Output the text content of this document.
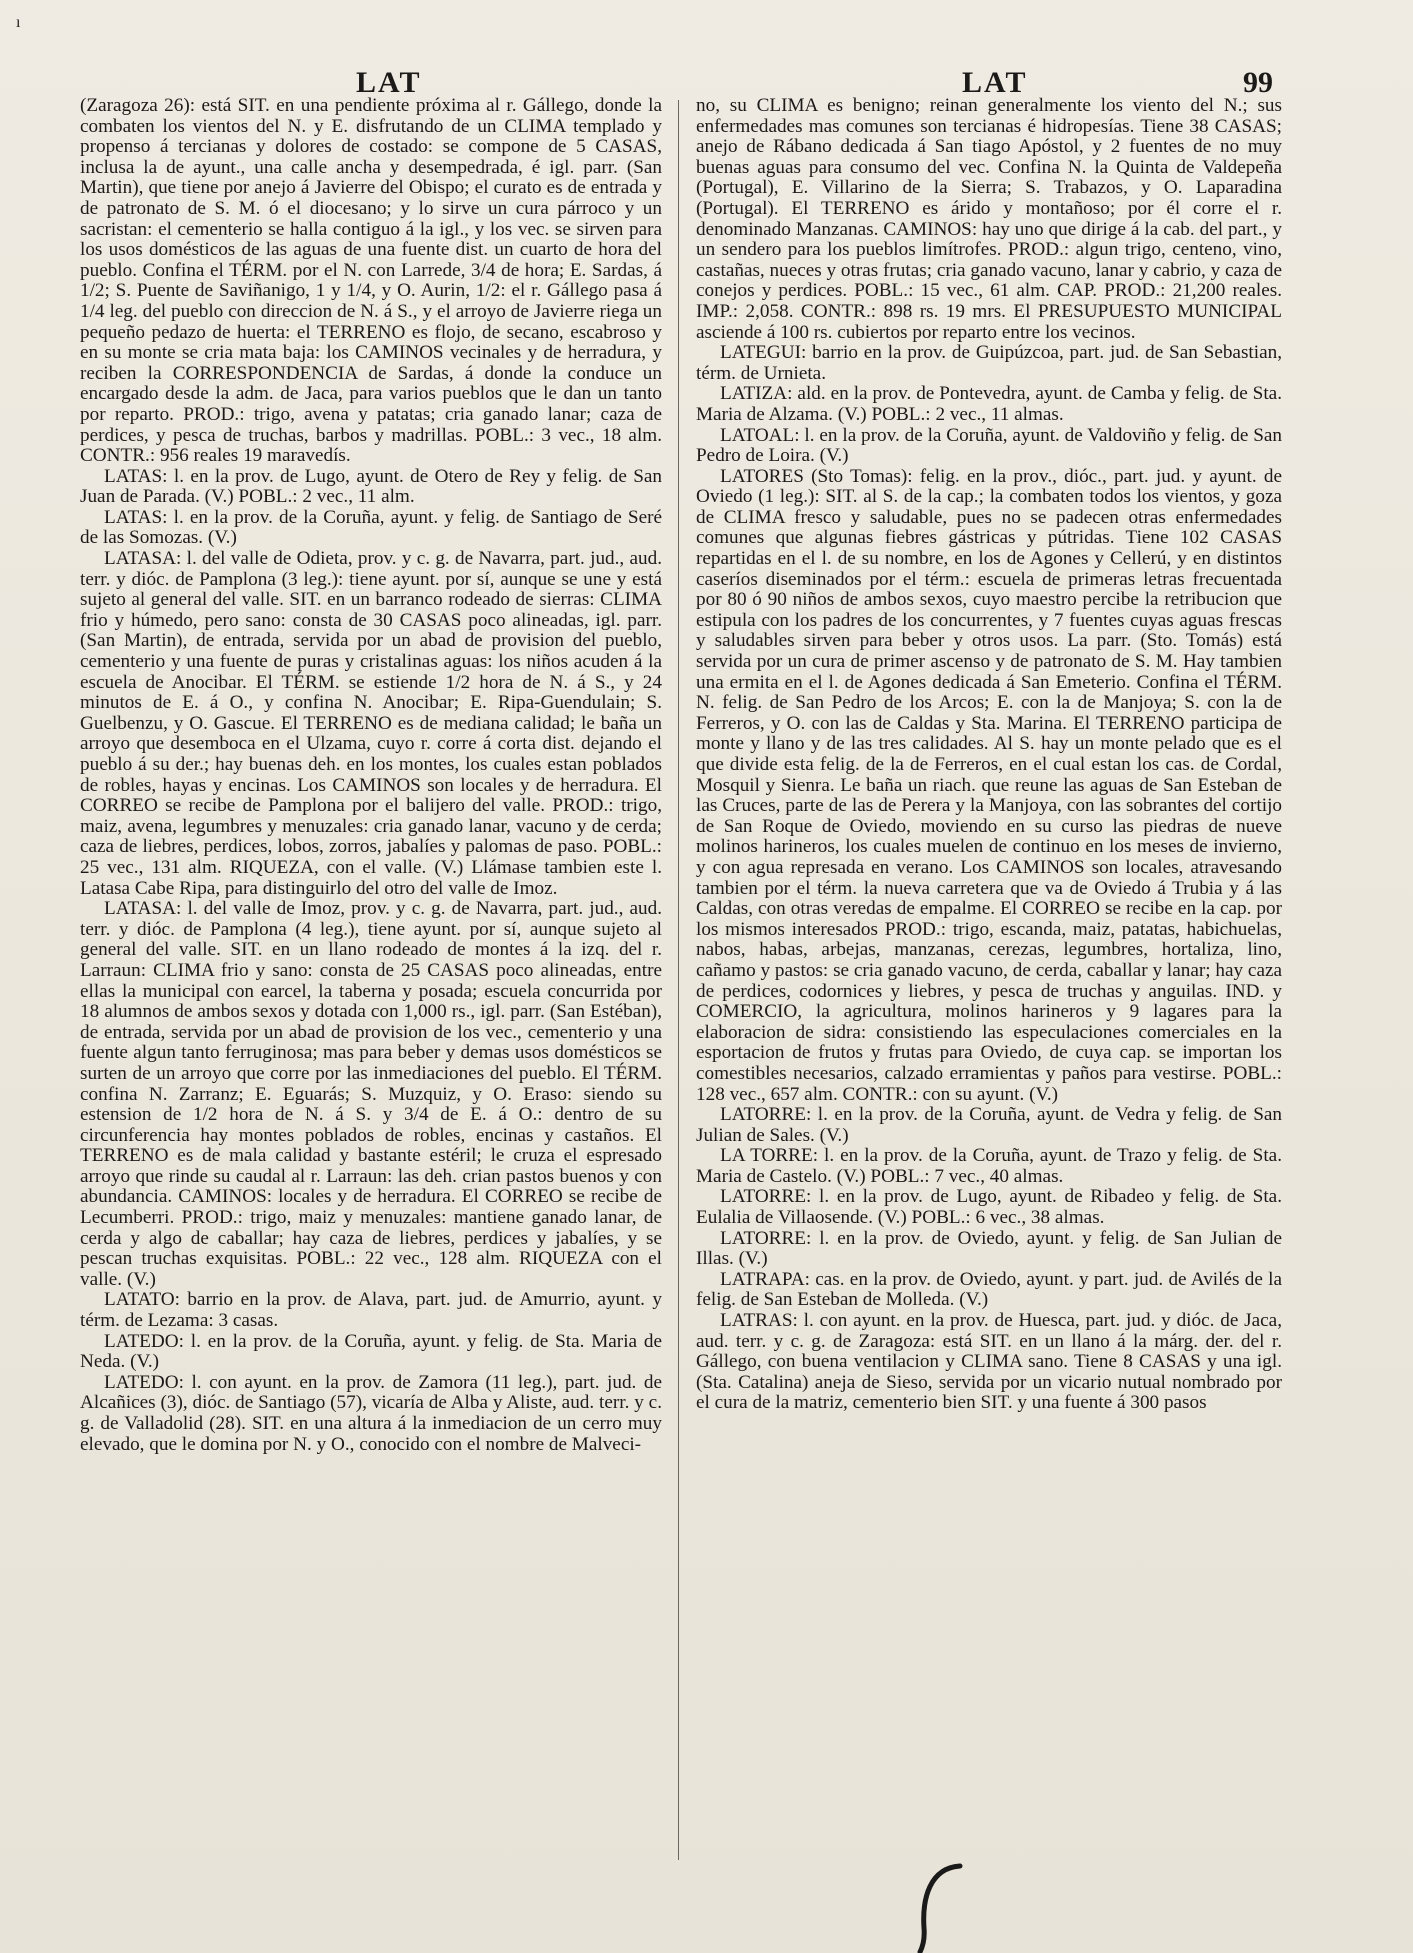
ı
LAT	LAT	99

(Zaragoza 26): está SIT. en una pendiente próxima al r. Gállego, donde la combaten los vientos del N. y E. disfrutando de un CLIMA templado y propenso á tercianas y dolores de costado: se compone de 5 CASAS, inclusa la de ayunt., una calle ancha y desempedrada, é igl. parr. (San Martin), que tiene por anejo á Javierre del Obispo; el curato es de entrada y de patronato de S. M. ó el diocesano; y lo sirve un cura párroco y un sacristan: el cementerio se halla contiguo á la igl., y los vec. se sirven para los usos domésticos de las aguas de una fuente dist. un cuarto de hora del pueblo. Confina el TÉRM. por el N. con Larrede, 3/4 de hora; E. Sardas, á 1/2; S. Puente de Saviñanigo, 1 y 1/4, y O. Aurin, 1/2: el r. Gállego pasa á 1/4 leg. del pueblo con direccion de N. á S., y el arroyo de Javierre riega un pequeño pedazo de huerta: el TERRENO es flojo, de secano, escabroso y en su monte se cria mata baja: los CAMINOS vecinales y de herradura, y reciben la CORRESPONDENCIA de Sardas, á donde la conduce un encargado desde la adm. de Jaca, para varios pueblos que le dan un tanto por reparto. PROD.: trigo, avena y patatas; cria ganado lanar; caza de perdices, y pesca de truchas, barbos y madrillas. POBL.: 3 vec., 18 alm. CONTR.: 956 reales 19 maravedís.

LATAS: l. en la prov. de Lugo, ayunt. de Otero de Rey y felig. de San Juan de Parada. (V.) POBL.: 2 vec., 11 alm.

LATAS: l. en la prov. de la Coruña, ayunt. y felig. de Santiago de Seré de las Somozas. (V.)

LATASA: l. del valle de Odieta, prov. y c. g. de Navarra, part. jud., aud. terr. y dióc. de Pamplona (3 leg.): tiene ayunt. por sí, aunque se une y está sujeto al general del valle. SIT. en un barranco rodeado de sierras: CLIMA frio y húmedo, pero sano: consta de 30 CASAS poco alineadas, igl. parr. (San Martin), de entrada, servida por un abad de provision del pueblo, cementerio y una fuente de puras y cristalinas aguas: los niños acuden á la escuela de Anocibar. El TÉRM. se estiende 1/2 hora de N. á S., y 24 minutos de E. á O., y confina N. Anocibar; E. Ripa-Guendulain; S. Guelbenzu, y O. Gascue. El TERRENO es de mediana calidad; le baña un arroyo que desemboca en el Ulzama, cuyo r. corre á corta dist. dejando el pueblo á su der.; hay buenas deh. en los montes, los cuales estan poblados de robles, hayas y encinas. Los CAMINOS son locales y de herradura. El CORREO se recibe de Pamplona por el balijero del valle. PROD.: trigo, maiz, avena, legumbres y menuzales: cria ganado lanar, vacuno y de cerda; caza de liebres, perdices, lobos, zorros, jabalíes y palomas de paso. POBL.: 25 vec., 131 alm. RIQUEZA, con el valle. (V.) Llámase tambien este l. Latasa Cabe Ripa, para distinguirlo del otro del valle de Imoz.

LATASA: l. del valle de Imoz, prov. y c. g. de Navarra, part. jud., aud. terr. y dióc. de Pamplona (4 leg.), tiene ayunt. por sí, aunque sujeto al general del valle. SIT. en un llano rodeado de montes á la izq. del r. Larraun: CLIMA frio y sano: consta de 25 CASAS poco alineadas, entre ellas la municipal con earcel, la taberna y posada; escuela concurrida por 18 alumnos de ambos sexos y dotada con 1,000 rs., igl. parr. (San Estéban), de entrada, servida por un abad de provision de los vec., cementerio y una fuente algun tanto ferruginosa; mas para beber y demas usos domésticos se surten de un arroyo que corre por las inmediaciones del pueblo. El TÉRM. confina N. Zarranz; E. Eguarás; S. Muzquiz, y O. Eraso: siendo su estension de 1/2 hora de N. á S. y 3/4 de E. á O.: dentro de su circunferencia hay montes poblados de robles, encinas y castaños. El TERRENO es de mala calidad y bastante estéril; le cruza el espresado arroyo que rinde su caudal al r. Larraun: las deh. crian pastos buenos y con abundancia. CAMINOS: locales y de herradura. El CORREO se recibe de Lecumberri. PROD.: trigo, maiz y menuzales: mantiene ganado lanar, de cerda y algo de caballar; hay caza de liebres, perdices y jabalíes, y se pescan truchas exquisitas. POBL.: 22 vec., 128 alm. RIQUEZA con el valle. (V.)

LATATO: barrio en la prov. de Alava, part. jud. de Amurrio, ayunt. y térm. de Lezama: 3 casas.

LATEDO: l. en la prov. de la Coruña, ayunt. y felig. de Sta. Maria de Neda. (V.)

LATEDO: l. con ayunt. en la prov. de Zamora (11 leg.), part. jud. de Alcañices (3), dióc. de Santiago (57), vicaría de Alba y Aliste, aud. terr. y c. g. de Valladolid (28). SIT. en una altura á la inmediacion de un cerro muy elevado, que le domina por N. y O., conocido con el nombre de Malveci-

no, su CLIMA es benigno; reinan generalmente los viento del N.; sus enfermedades mas comunes son tercianas é hidropesías. Tiene 38 CASAS; anejo de Rábano dedicada á San tiago Apóstol, y 2 fuentes de no muy buenas aguas para consumo del vec. Confina N. la Quinta de Valdepeña (Portugal), E. Villarino de la Sierra; S. Trabazos, y O. Laparadina (Portugal). El TERRENO es árido y montañoso; por él corre el r. denominado Manzanas. CAMINOS: hay uno que dirige á la cab. del part., y un sendero para los pueblos limítrofes. PROD.: algun trigo, centeno, vino, castañas, nueces y otras frutas; cria ganado vacuno, lanar y cabrio, y caza de conejos y perdices. POBL.: 15 vec., 61 alm. CAP. PROD.: 21,200 reales. IMP.: 2,058. CONTR.: 898 rs. 19 mrs. El PRESUPUESTO MUNICIPAL asciende á 100 rs. cubiertos por reparto entre los vecinos.

LATEGUI: barrio en la prov. de Guipúzcoa, part. jud. de San Sebastian, térm. de Urnieta.

LATIZA: ald. en la prov. de Pontevedra, ayunt. de Camba y felig. de Sta. Maria de Alzama. (V.) POBL.: 2 vec., 11 almas.

LATOAL: l. en la prov. de la Coruña, ayunt. de Valdoviño y felig. de San Pedro de Loira. (V.)

LATORES (Sto Tomas): felig. en la prov., dióc., part. jud. y ayunt. de Oviedo (1 leg.): SIT. al S. de la cap.; la combaten todos los vientos, y goza de CLIMA fresco y saludable, pues no se padecen otras enfermedades comunes que algunas fiebres gástricas y pútridas. Tiene 102 CASAS repartidas en el l. de su nombre, en los de Agones y Cellerú, y en distintos caseríos diseminados por el térm.: escuela de primeras letras frecuentada por 80 ó 90 niños de ambos sexos, cuyo maestro percibe la retribucion que estipula con los padres de los concurrentes, y 7 fuentes cuyas aguas frescas y saludables sirven para beber y otros usos. La parr. (Sto. Tomás) está servida por un cura de primer ascenso y de patronato de S. M. Hay tambien una ermita en el l. de Agones dedicada á San Emeterio. Confina el TÉRM. N. felig. de San Pedro de los Arcos; E. con la de Manjoya; S. con la de Ferreros, y O. con las de Caldas y Sta. Marina. El TERRENO participa de monte y llano y de las tres calidades. Al S. hay un monte pelado que es el que divide esta felig. de la de Ferreros, en el cual estan los cas. de Cordal, Mosquil y Sienra. Le baña un riach. que reune las aguas de San Esteban de las Cruces, parte de las de Perera y la Manjoya, con las sobrantes del cortijo de San Roque de Oviedo, moviendo en su curso las piedras de nueve molinos harineros, los cuales muelen de continuo en los meses de invierno, y con agua represada en verano. Los CAMINOS son locales, atravesando tambien por el térm. la nueva carretera que va de Oviedo á Trubia y á las Caldas, con otras veredas de empalme. El CORREO se recibe en la cap. por los mismos interesados PROD.: trigo, escanda, maiz, patatas, habichuelas, nabos, habas, arbejas, manzanas, cerezas, legumbres, hortaliza, lino, cañamo y pastos: se cria ganado vacuno, de cerda, caballar y lanar; hay caza de perdices, codornices y liebres, y pesca de truchas y anguilas. IND. y COMERCIO, la agricultura, molinos harineros y 9 lagares para la elaboracion de sidra: consistiendo las especulaciones comerciales en la esportacion de frutos y frutas para Oviedo, de cuya cap. se importan los comestibles necesarios, calzado erramientas y paños para vestirse. POBL.: 128 vec., 657 alm. CONTR.: con su ayunt. (V.)

LATORRE: l. en la prov. de la Coruña, ayunt. de Vedra y felig. de San Julian de Sales. (V.)

LA TORRE: l. en la prov. de la Coruña, ayunt. de Trazo y felig. de Sta. Maria de Castelo. (V.) POBL.: 7 vec., 40 almas.

LATORRE: l. en la prov. de Lugo, ayunt. de Ribadeo y felig. de Sta. Eulalia de Villaosende. (V.) POBL.: 6 vec., 38 almas.

LATORRE: l. en la prov. de Oviedo, ayunt. y felig. de San Julian de Illas. (V.)

LATRAPA: cas. en la prov. de Oviedo, ayunt. y part. jud. de Avilés de la felig. de San Esteban de Molleda. (V.)

LATRAS: l. con ayunt. en la prov. de Huesca, part. jud. y dióc. de Jaca, aud. terr. y c. g. de Zaragoza: está SIT. en un llano á la márg. der. del r. Gállego, con buena ventilacion y CLIMA sano. Tiene 8 CASAS y una igl. (Sta. Catalina) aneja de Sieso, servida por un vicario nutual nombrado por el cura de la matriz, cementerio bien SIT. y una fuente á 300 pasos
